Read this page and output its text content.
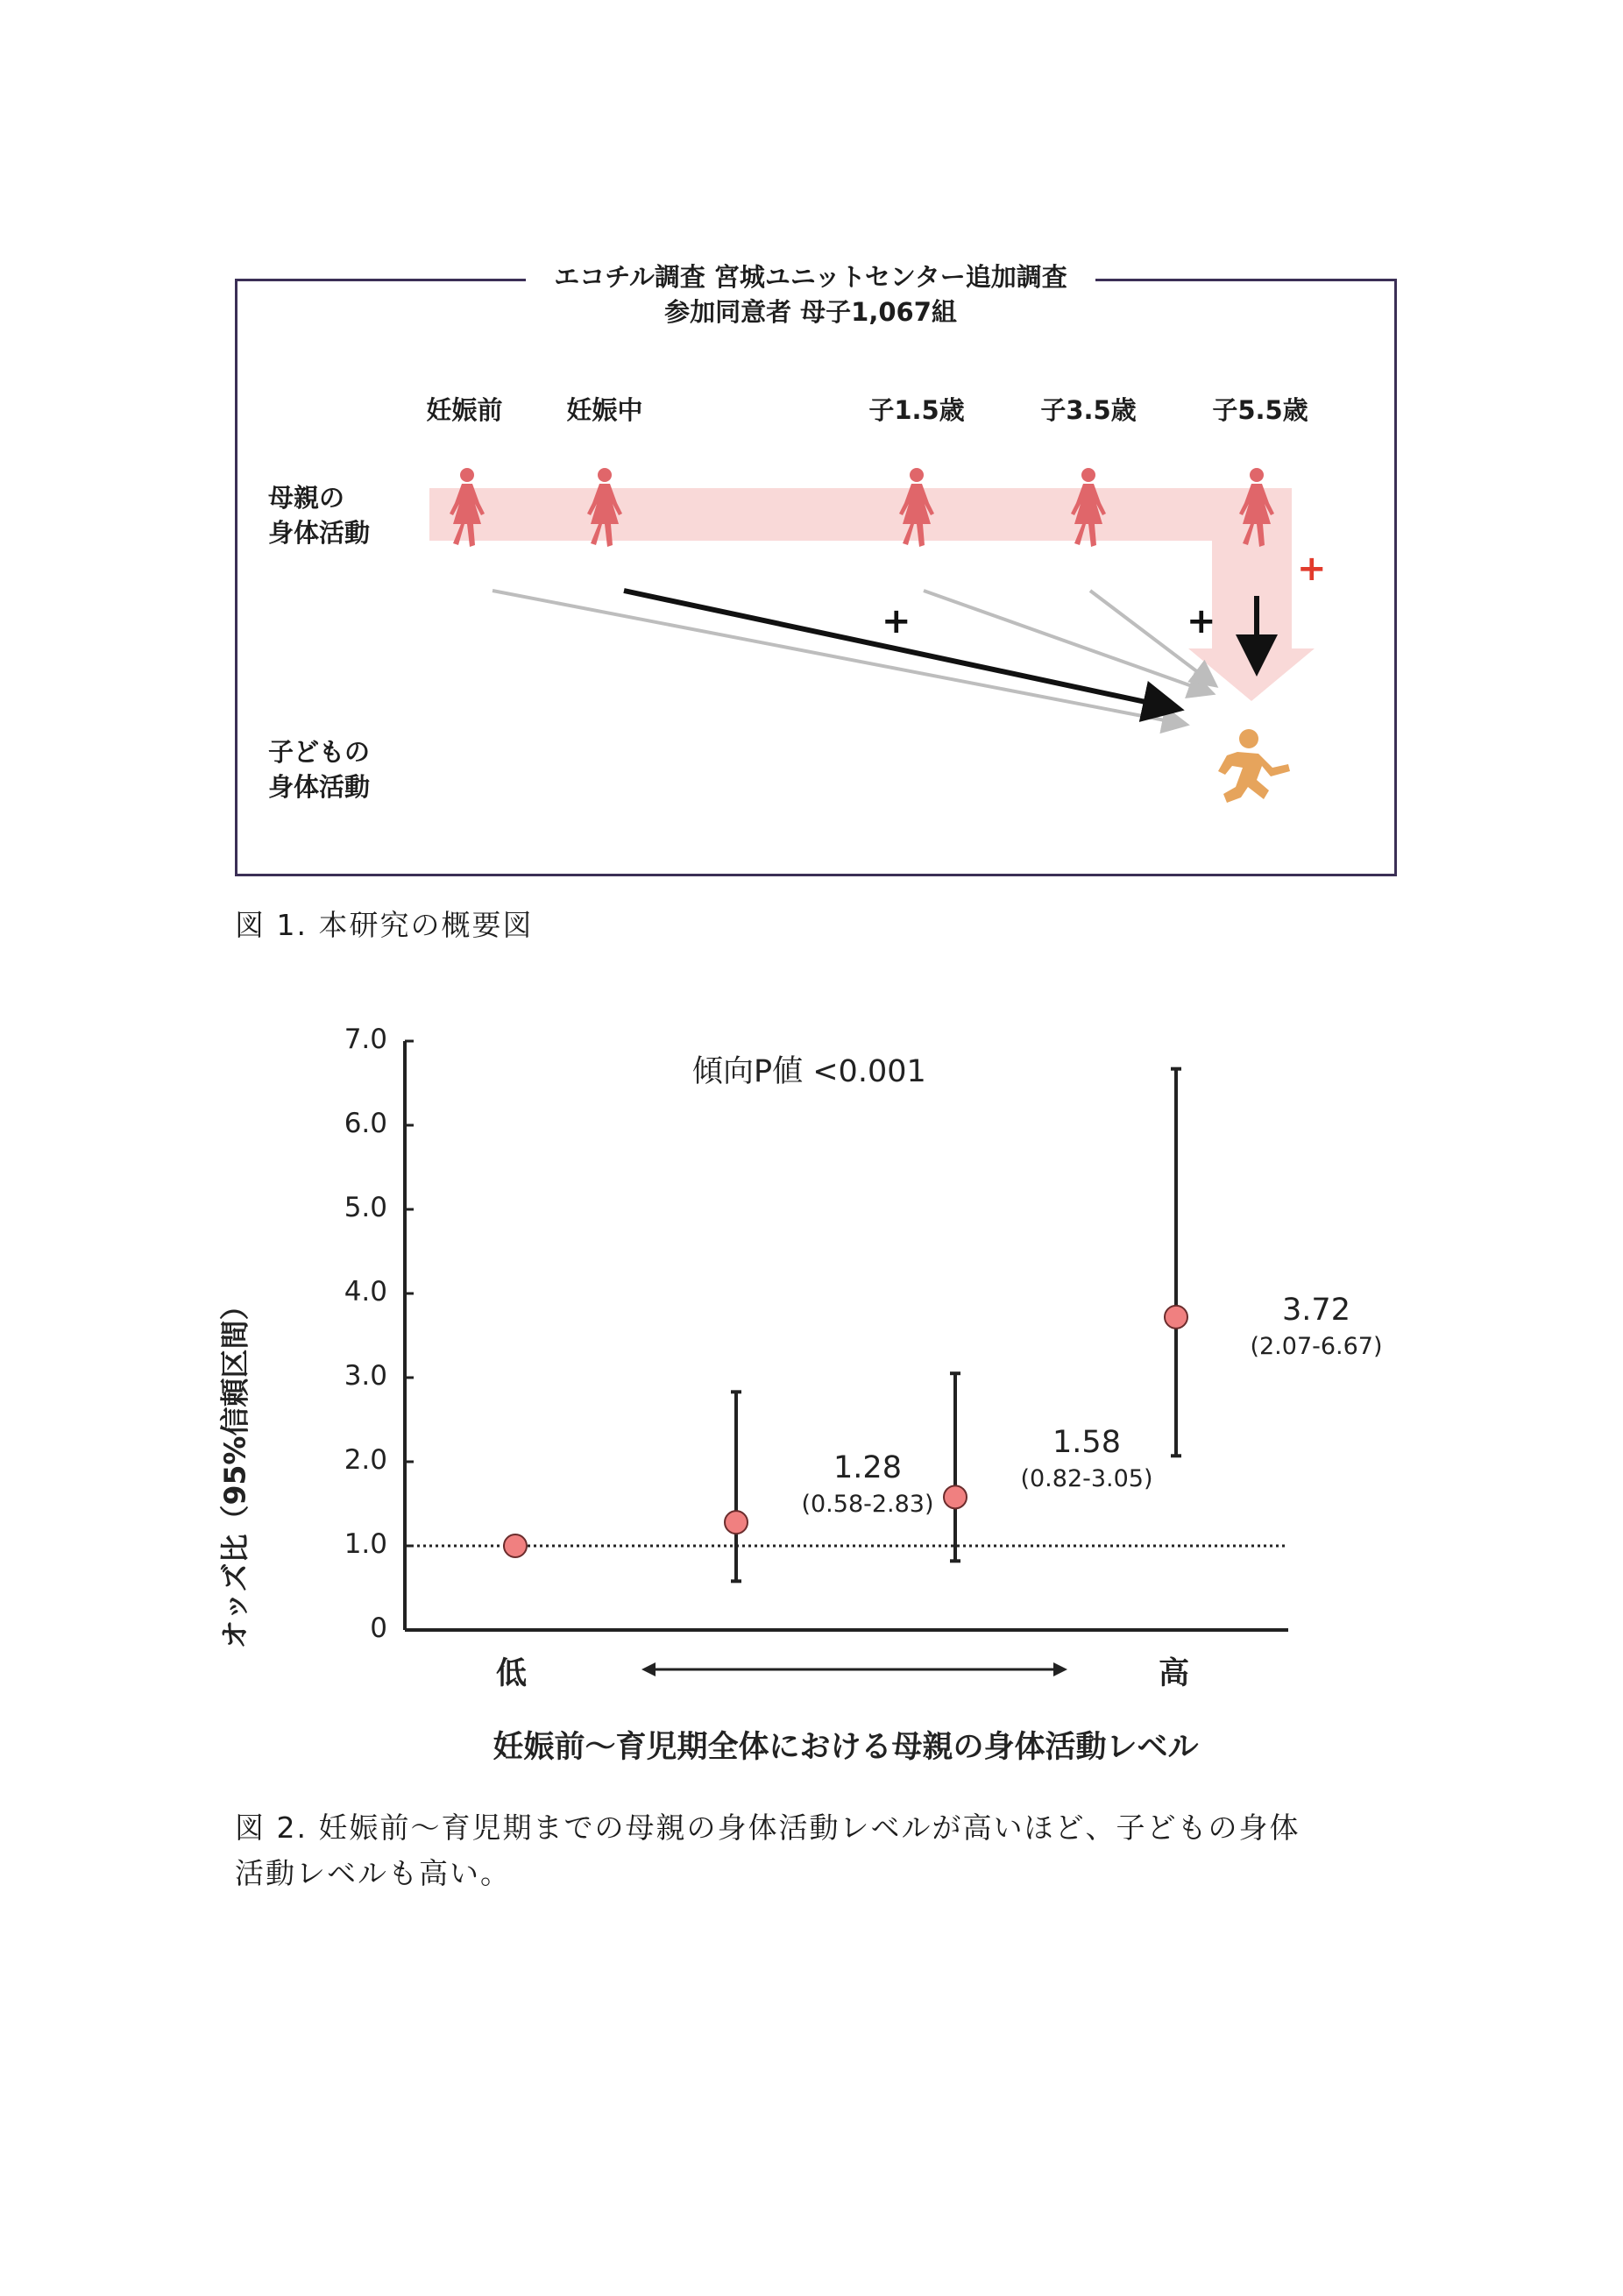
エコチル調査 宮城ユニットセンター追加調査
参加同意者 母子1,067組
妊娠前	妊娠中	子1.5歳	子3.5歳	子5.5歳
母親の
身体活動
子どもの
身体活動
+	+
+
図 1. 本研究の概要図
傾向P値 <0.001
オッズ比（95%信頼区間）	0
1.0
2.0
3.0
4.0
5.0
6.0
7.0
1.28
(0.58-2.83)
1.58
(0.82-3.05)
3.72
(2.07-6.67)
低	高
妊娠前〜育児期全体における母親の身体活動レベル
図 2. 妊娠前〜育児期までの母親の身体活動レベルが高いほど、子どもの身体
活動レベルも高い。
